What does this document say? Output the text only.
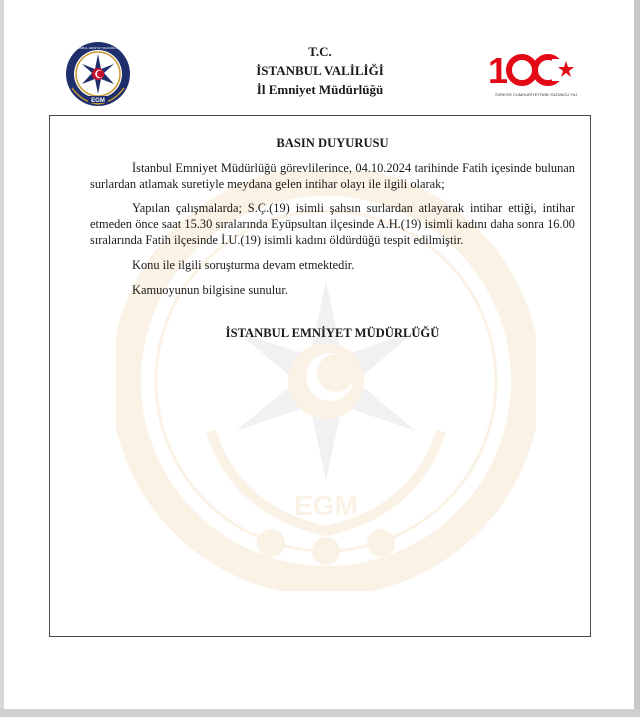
EGM
İSTANBUL EMNİYET MÜDÜRLÜĞÜ	T.C.
İSTANBUL VALİLİĞİ
İl Emniyet Müdürlüğü	1
TÜRKİYE CUMHURİYETİ'NİN YÜZÜNCÜ YILI
EGM
BASIN DUYURUSU

İstanbul Emniyet Müdürlüğü görevlilerince, 04.10.2024 tarihinde Fatih içesinde bulunan surlardan atlamak suretiyle meydana gelen intihar olayı ile ilgili olarak;

Yapılan çalışmalarda; S.Ç.(19) isimli şahsın surlardan atlayarak intihar ettiği, intihar etmeden önce saat 15.30 sıralarında Eyüpsultan ilçesinde A.H.(19) isimli kadını daha sonra 16.00 sıralarında Fatih ilçesinde İ.U.(19) isimli kadını öldürdüğü tespit edilmiştir.

Konu ile ilgili soruşturma devam etmektedir.

Kamuoyunun bilgisine sunulur.

İSTANBUL EMNİYET MÜDÜRLÜĞÜ
